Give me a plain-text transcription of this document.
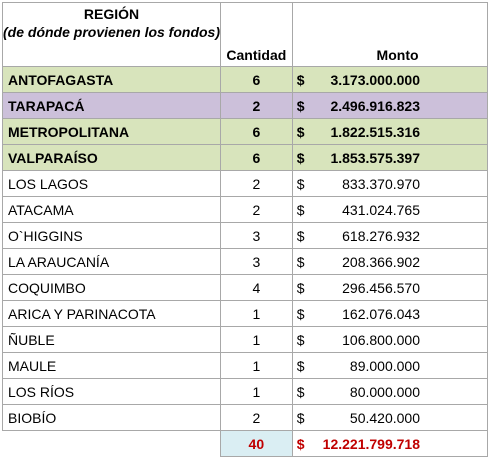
REGIÓN
(de dónde provienen los fondos)	Cantidad		Monto
ANTOFAGASTA	6	$	3.173.000.000
TARAPACÁ	2	$	2.496.916.823
METROPOLITANA	6	$	1.822.515.316
VALPARAÍSO	6	$	1.853.575.397
LOS LAGOS	2	$	833.370.970
ATACAMA	2	$	431.024.765
O`HIGGINS	3	$	618.276.932
LA ARAUCANÍA	3	$	208.366.902
COQUIMBO	4	$	296.456.570
ARICA Y PARINACOTA	1	$	162.076.043
ÑUBLE	1	$	106.800.000
MAULE	1	$	89.000.000
LOS RÍOS	1	$	80.000.000
BIOBÍO	2	$	50.420.000
	40	$	12.221.799.718
